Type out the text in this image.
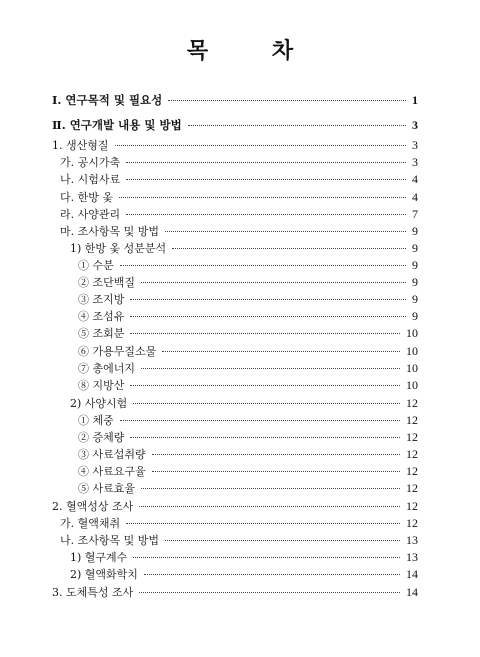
목 차
Ⅰ. 연구목적 및 필요성	1
Ⅱ. 연구개발 내용 및 방법	3
1. 생산형질	3
가. 공시가축	3
나. 시험사료	4
다. 한방 옻	4
라. 사양관리	7
마. 조사항목 및 방법	9
1) 한방 옻 성분분석	9
① 수분	9
② 조단백질	9
③ 조지방	9
④ 조섬유	9
⑤ 조회분	10
⑥ 가용무질소물	10
⑦ 총에너지	10
⑧ 지방산	10
2) 사양시험	12
① 체중	12
② 증체량	12
③ 사료섭취량	12
④ 사료요구율	12
⑤ 사료효율	12
2. 혈액성상 조사	12
가. 혈액채취	12
나. 조사항목 및 방법	13
1) 혈구계수	13
2) 혈액화학치	14
3. 도체특성 조사	14
